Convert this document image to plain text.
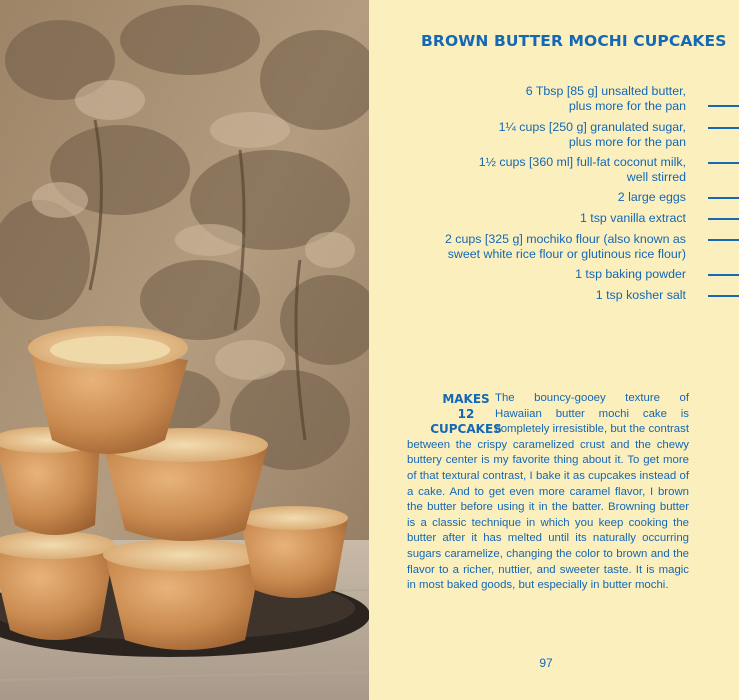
BROWN BUTTER MOCHI CUPCAKES
6 Tbsp [85 g] unsalted butter,
plus more for the pan
1¼ cups [250 g] granulated sugar,
plus more for the pan
1½ cups [360 ml] full-fat coconut milk,
well stirred
2 large eggs
1 tsp vanilla extract
2 cups [325 g] mochiko flour (also known as
sweet white rice flour or glutinous rice flour)
1 tsp baking powder
1 tsp kosher salt
MAKES
12
CUPCAKES

The bouncy-gooey texture of Hawaiian butter mochi cake is completely irresistible, but the contrast between the crispy caramelized crust and the chewy buttery center is my favorite thing about it. To get more of that textural contrast, I bake it as cupcakes instead of a cake. And to get even more caramel flavor, I brown the butter before using it in the batter. Browning butter is a classic technique in which you keep cooking the butter after it has melted until its naturally occurring sugars caramelize, changing the color to brown and the flavor to a richer, nuttier, and sweeter taste. It is magic in most baked goods, but especially in butter mochi.

97
